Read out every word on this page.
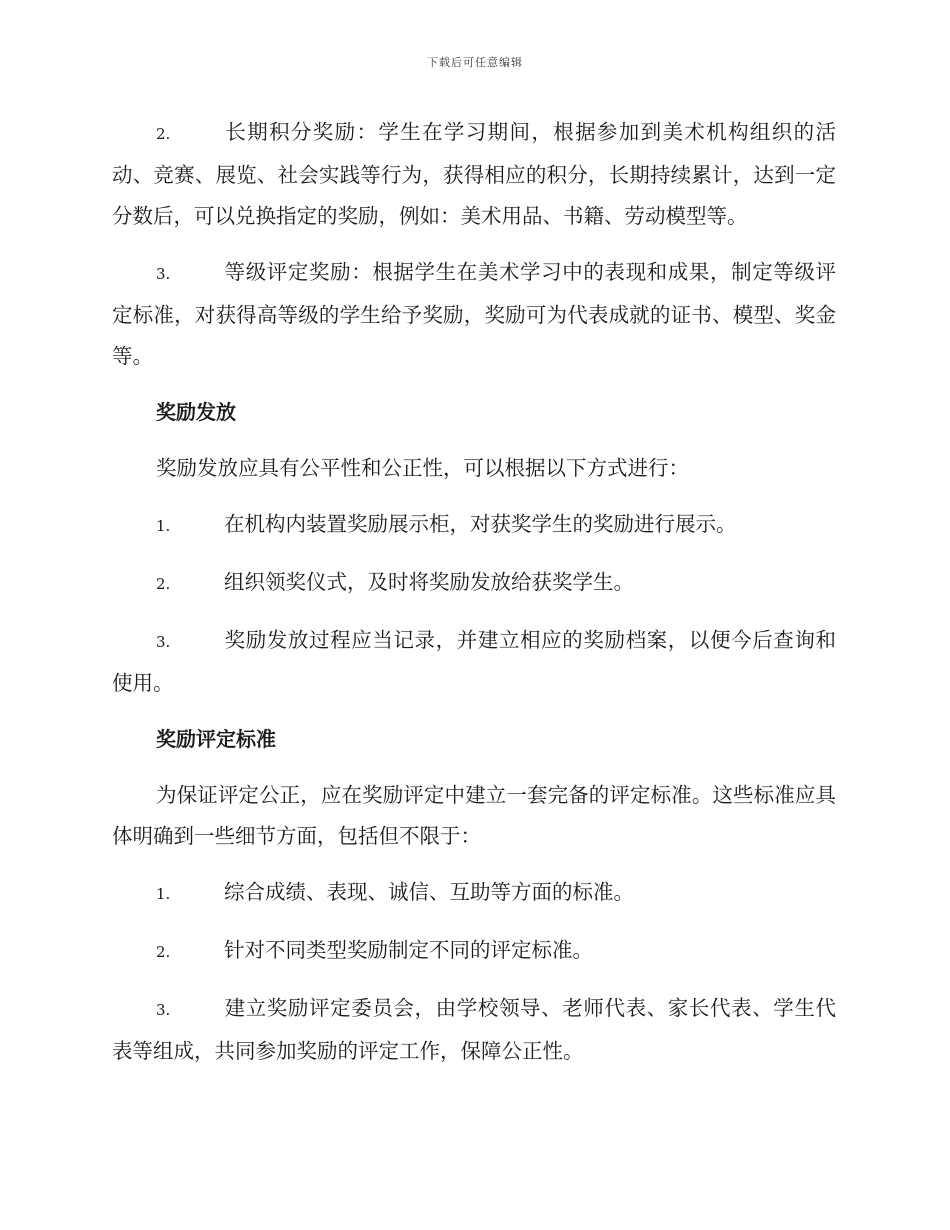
下载后可任意编辑

2.	长期积分奖励：学生在学习期间，根据参加到美术机构组织的活动、竞赛、展览、社会实践等行为，获得相应的积分，长期持续累计，达到一定分数后，可以兑换指定的奖励，例如：美术用品、书籍、劳动模型等。

3.	等级评定奖励：根据学生在美术学习中的表现和成果，制定等级评定标准，对获得高等级的学生给予奖励，奖励可为代表成就的证书、模型、奖金等。

奖励发放

奖励发放应具有公平性和公正性，可以根据以下方式进行：

1.	在机构内装置奖励展示柜，对获奖学生的奖励进行展示。

2.	组织领奖仪式，及时将奖励发放给获奖学生。

3.	奖励发放过程应当记录，并建立相应的奖励档案，以便今后查询和使用。

奖励评定标准

为保证评定公正，应在奖励评定中建立一套完备的评定标准。这些标准应具体明确到一些细节方面，包括但不限于：

1.	综合成绩、表现、诚信、互助等方面的标准。

2.	针对不同类型奖励制定不同的评定标准。

3.	建立奖励评定委员会，由学校领导、老师代表、家长代表、学生代表等组成，共同参加奖励的评定工作，保障公正性。
